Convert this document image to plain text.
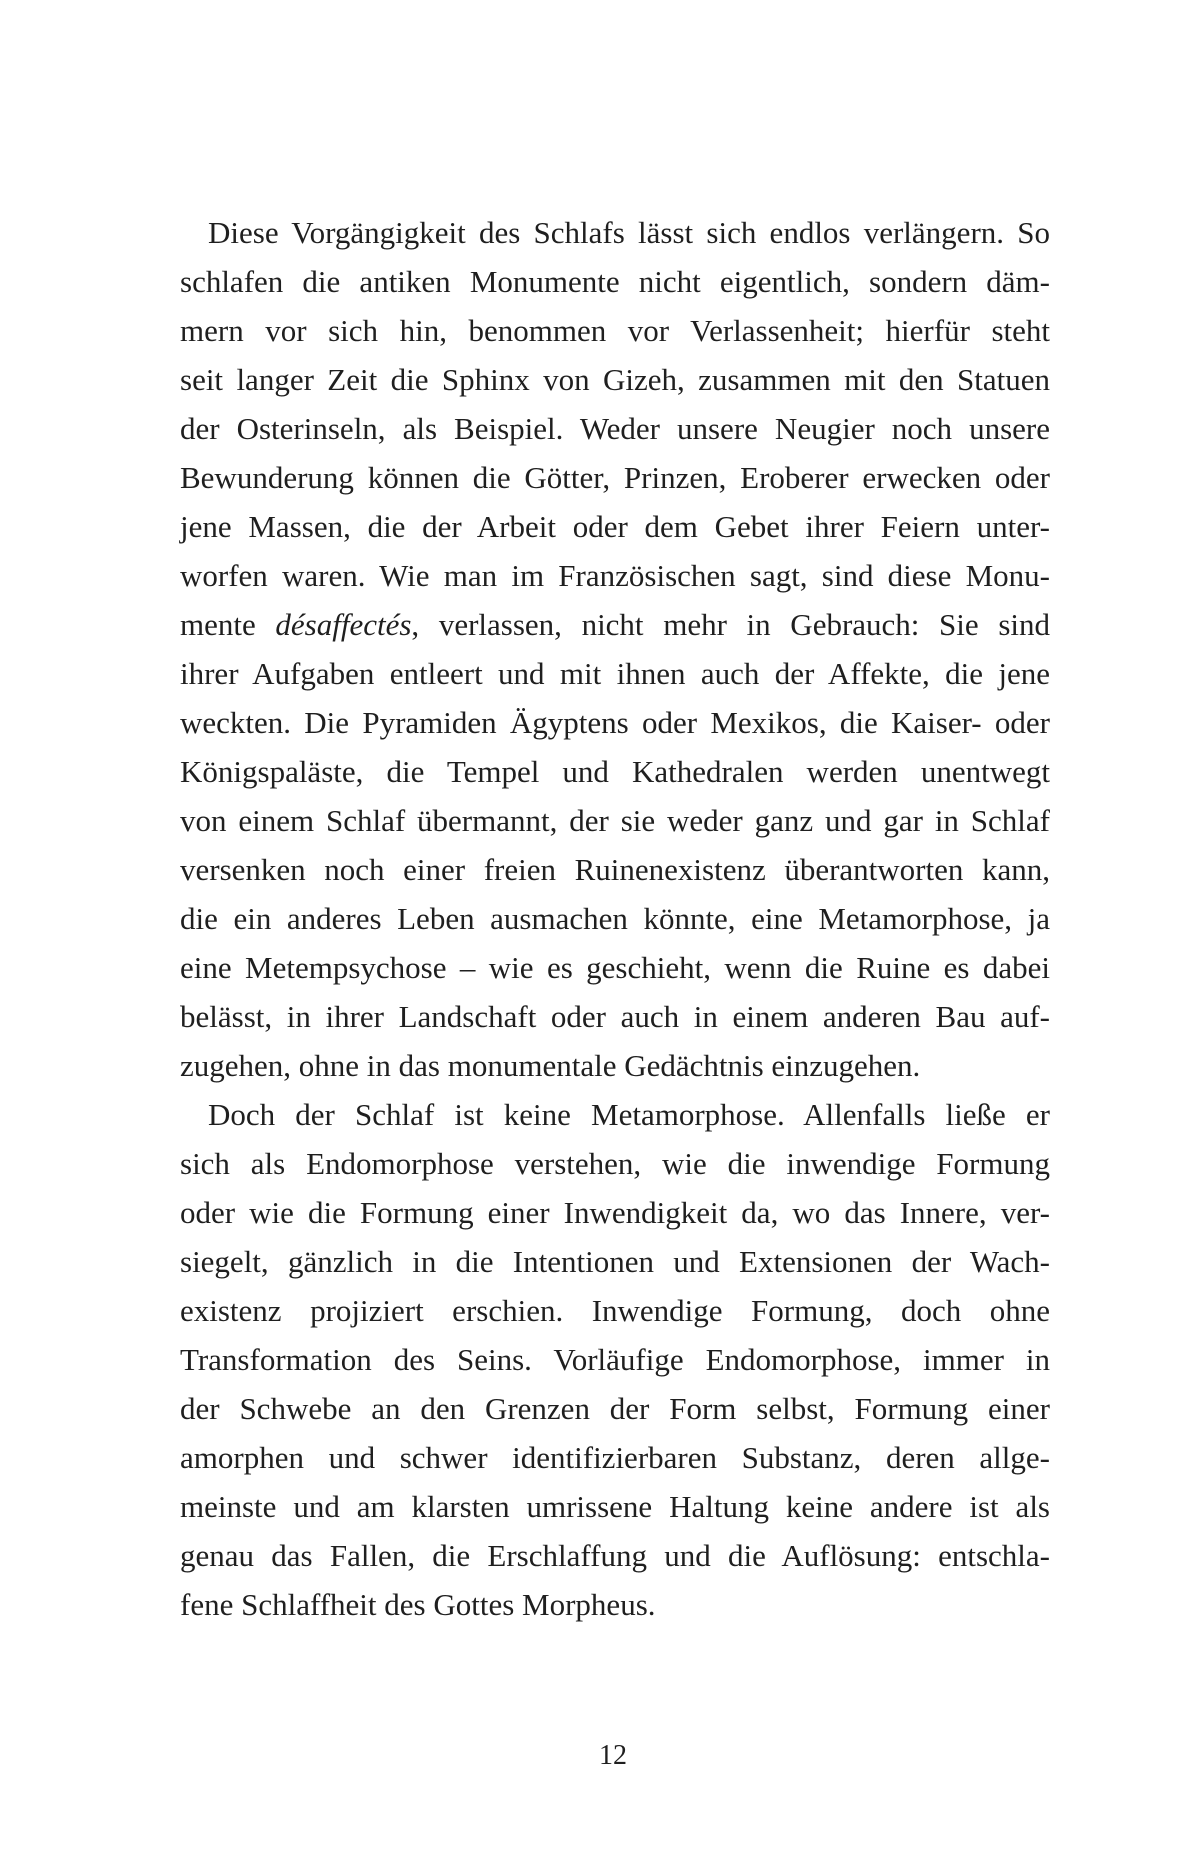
Diese Vorgängigkeit des Schlafs lässt sich endlos verlängern. So
schlafen die antiken Monumente nicht eigentlich, sondern däm-
mern vor sich hin, benommen vor Verlassenheit; hierfür steht
seit langer Zeit die Sphinx von Gizeh, zusammen mit den Statuen
der Osterinseln, als Beispiel. Weder unsere Neugier noch unsere
Bewunderung können die Götter, Prinzen, Eroberer erwecken oder
jene Massen, die der Arbeit oder dem Gebet ihrer Feiern unter-
worfen waren. Wie man im Französischen sagt, sind diese Monu-
mente désaffectés, verlassen, nicht mehr in Gebrauch: Sie sind
ihrer Aufgaben entleert und mit ihnen auch der Affekte, die jene
weckten. Die Pyramiden Ägyptens oder Mexikos, die Kaiser- oder
Königspaläste, die Tempel und Kathedralen werden unentwegt
von einem Schlaf übermannt, der sie weder ganz und gar in Schlaf
versenken noch einer freien Ruinenexistenz überantworten kann,
die ein anderes Leben ausmachen könnte, eine Metamorphose, ja
eine Metempsychose – wie es geschieht, wenn die Ruine es dabei
belässt, in ihrer Landschaft oder auch in einem anderen Bau auf-
zugehen, ohne in das monumentale Gedächtnis einzugehen.
Doch der Schlaf ist keine Metamorphose. Allenfalls ließe er
sich als Endomorphose verstehen, wie die inwendige Formung
oder wie die Formung einer Inwendigkeit da, wo das Innere, ver-
siegelt, gänzlich in die Intentionen und Extensionen der Wach-
existenz projiziert erschien. Inwendige Formung, doch ohne
Transformation des Seins. Vorläufige Endomorphose, immer in
der Schwebe an den Grenzen der Form selbst, Formung einer
amorphen und schwer identifizierbaren Substanz, deren allge-
meinste und am klarsten umrissene Haltung keine andere ist als
genau das Fallen, die Erschlaffung und die Auflösung: entschla-
fene Schlaffheit des Gottes Morpheus.
12
